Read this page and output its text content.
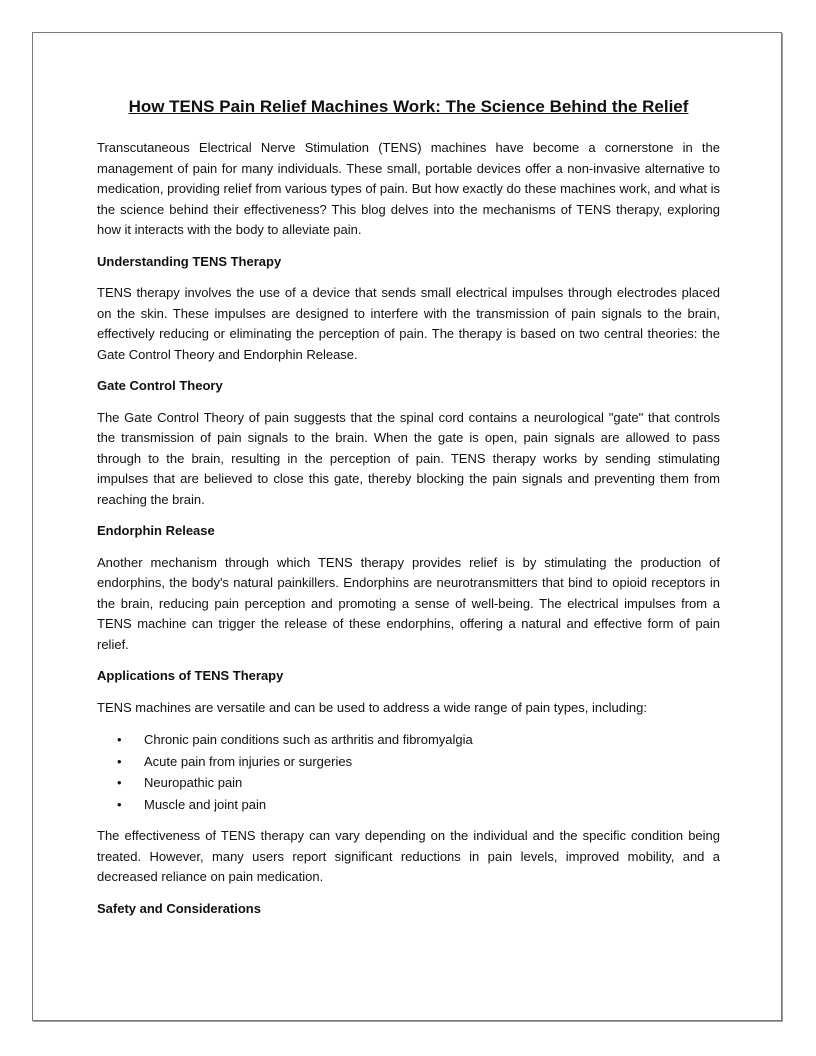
How TENS Pain Relief Machines Work: The Science Behind the Relief

Transcutaneous Electrical Nerve Stimulation (TENS) machines have become a cornerstone in the management of pain for many individuals. These small, portable devices offer a non-invasive alternative to medication, providing relief from various types of pain. But how exactly do these machines work, and what is the science behind their effectiveness? This blog delves into the mechanisms of TENS therapy, exploring how it interacts with the body to alleviate pain.

Understanding TENS Therapy

TENS therapy involves the use of a device that sends small electrical impulses through electrodes placed on the skin. These impulses are designed to interfere with the transmission of pain signals to the brain, effectively reducing or eliminating the perception of pain. The therapy is based on two central theories: the Gate Control Theory and Endorphin Release.

Gate Control Theory

The Gate Control Theory of pain suggests that the spinal cord contains a neurological "gate" that controls the transmission of pain signals to the brain. When the gate is open, pain signals are allowed to pass through to the brain, resulting in the perception of pain. TENS therapy works by sending stimulating impulses that are believed to close this gate, thereby blocking the pain signals and preventing them from reaching the brain.

Endorphin Release

Another mechanism through which TENS therapy provides relief is by stimulating the production of endorphins, the body's natural painkillers. Endorphins are neurotransmitters that bind to opioid receptors in the brain, reducing pain perception and promoting a sense of well-being. The electrical impulses from a TENS machine can trigger the release of these endorphins, offering a natural and effective form of pain relief.

Applications of TENS Therapy

TENS machines are versatile and can be used to address a wide range of pain types, including:

• Chronic pain conditions such as arthritis and fibromyalgia
• Acute pain from injuries or surgeries
• Neuropathic pain
• Muscle and joint pain

The effectiveness of TENS therapy can vary depending on the individual and the specific condition being treated. However, many users report significant reductions in pain levels, improved mobility, and a decreased reliance on pain medication.

Safety and Considerations
